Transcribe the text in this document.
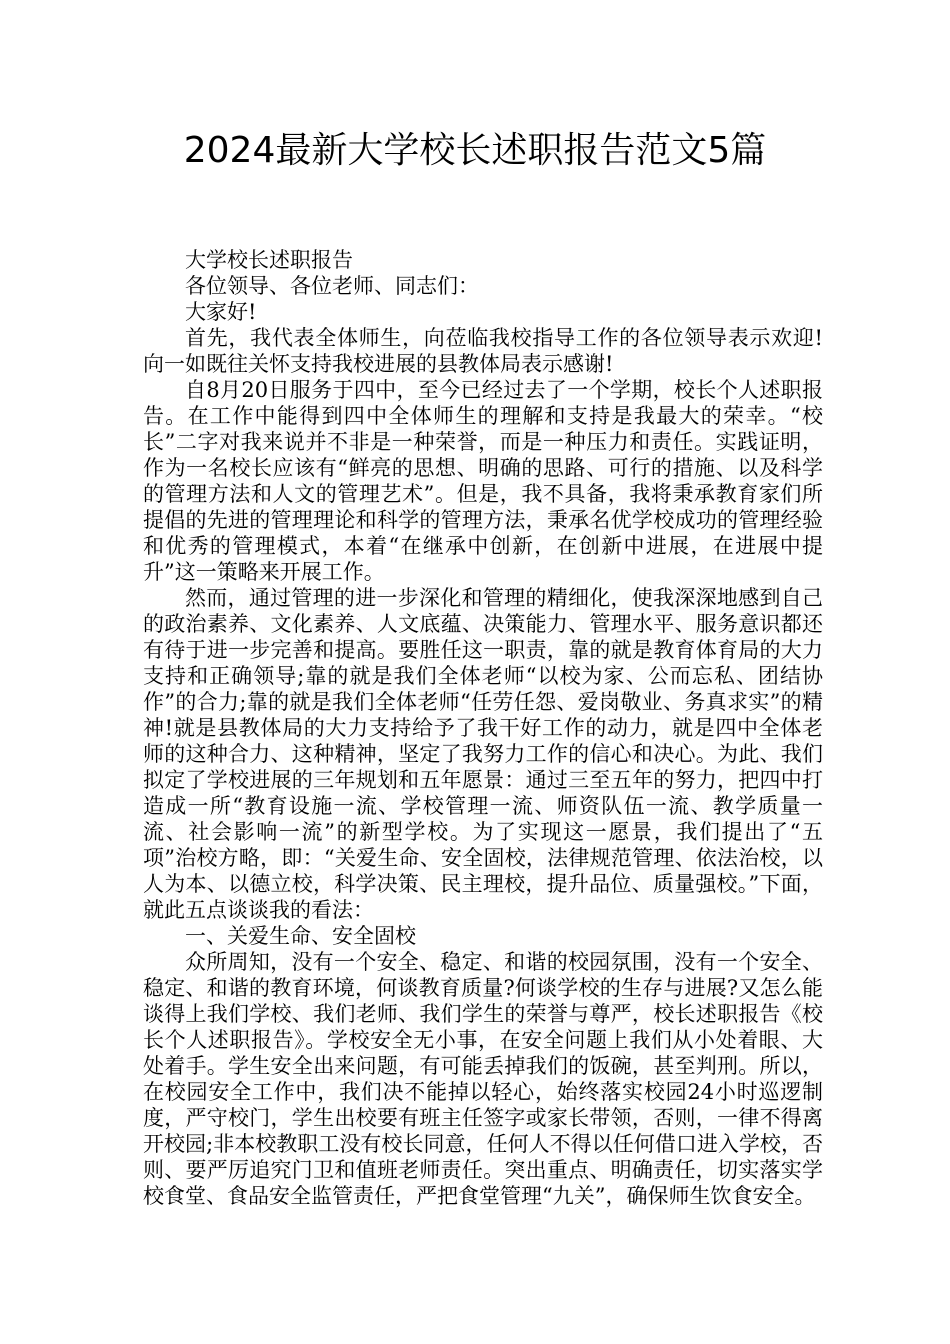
2024最新大学校长述职报告范文5篇

大学校长述职报告

各位领导、各位老师、同志们：

大家好!

首先，我代表全体师生，向莅临我校指导工作的各位领导表示欢迎!向一如既往关怀支持我校进展的县教体局表示感谢!

自8月20日服务于四中，至今已经过去了一个学期，校长个人述职报告。在工作中能得到四中全体师生的理解和支持是我最大的荣幸。“校长”二字对我来说并不非是一种荣誉，而是一种压力和责任。实践证明，作为一名校长应该有“鲜亮的思想、明确的思路、可行的措施、以及科学的管理方法和人文的管理艺术”。但是，我不具备，我将秉承教育家们所提倡的先进的管理理论和科学的管理方法，秉承名优学校成功的管理经验和优秀的管理模式，本着“在继承中创新，在创新中进展，在进展中提升”这一策略来开展工作。

然而，通过管理的进一步深化和管理的精细化，使我深深地感到自己的政治素养、文化素养、人文底蕴、决策能力、管理水平、服务意识都还有待于进一步完善和提高。要胜任这一职责，靠的就是教育体育局的大力支持和正确领导;靠的就是我们全体老师“以校为家、公而忘私、团结协作”的合力;靠的就是我们全体老师“任劳任怨、爱岗敬业、务真求实”的精神!就是县教体局的大力支持给予了我干好工作的动力，就是四中全体老师的这种合力、这种精神，坚定了我努力工作的信心和决心。为此、我们拟定了学校进展的三年规划和五年愿景：通过三至五年的努力，把四中打造成一所“教育设施一流、学校管理一流、师资队伍一流、教学质量一流、社会影响一流”的新型学校。为了实现这一愿景，我们提出了“五项”治校方略，即：“关爱生命、安全固校，法律规范管理、依法治校，以人为本、以德立校，科学决策、民主理校，提升品位、质量强校。”下面，就此五点谈谈我的看法：

一、关爱生命、安全固校

众所周知，没有一个安全、稳定、和谐的校园氛围，没有一个安全、稳定、和谐的教育环境，何谈教育质量?何谈学校的生存与进展?又怎么能谈得上我们学校、我们老师、我们学生的荣誉与尊严，校长述职报告《校长个人述职报告》。学校安全无小事，在安全问题上我们从小处着眼、大处着手。学生安全出来问题，有可能丢掉我们的饭碗，甚至判刑。所以，在校园安全工作中，我们决不能掉以轻心，始终落实校园24小时巡逻制度，严守校门，学生出校要有班主任签字或家长带领，否则，一律不得离开校园;非本校教职工没有校长同意，任何人不得以任何借口进入学校，否则、要严厉追究门卫和值班老师责任。突出重点、明确责任，切实落实学校食堂、食品安全监管责任，严把食堂管理“九关”，确保师生饮食安全。
